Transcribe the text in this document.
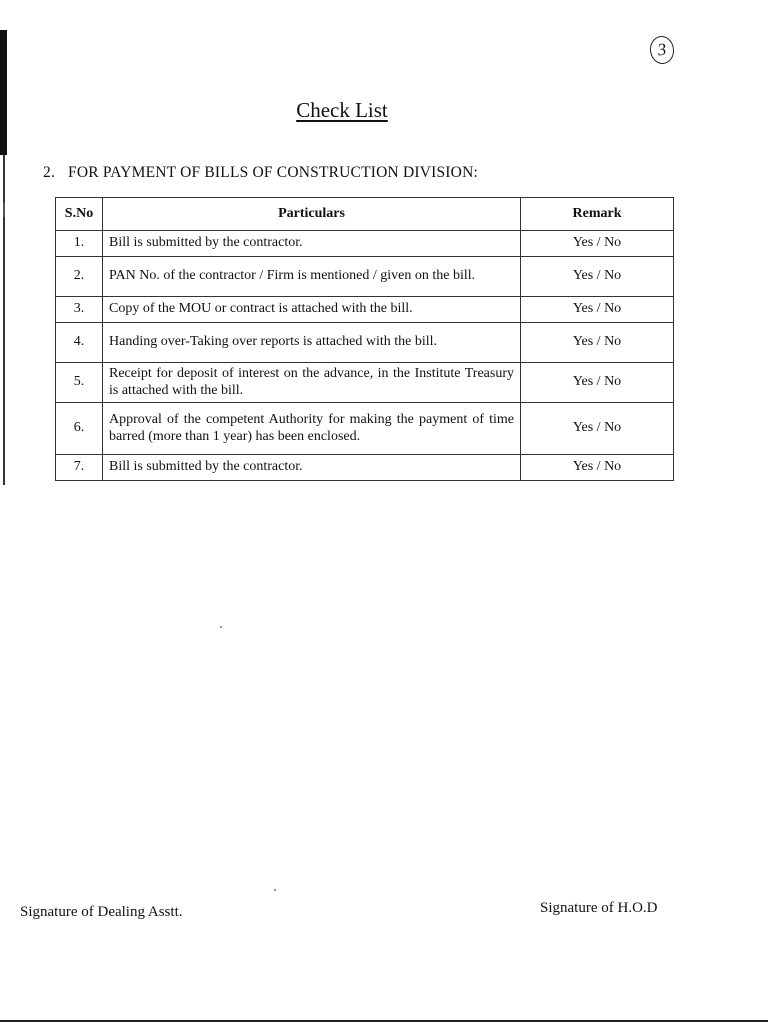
3
Check List
2. FOR PAYMENT OF BILLS OF CONSTRUCTION DIVISION:
S.No	Particulars	Remark
1.	Bill is submitted by the contractor.	Yes / No
2.	PAN No. of the contractor / Firm is mentioned / given on the bill.	Yes / No
3.	Copy of the MOU or contract is attached with the bill.	Yes / No
4.	Handing over-Taking over reports is attached with the bill.	Yes / No
5.	Receipt for deposit of interest on the advance, in the Institute Treasury is attached with the bill.	Yes / No
6.	Approval of the competent Authority for making the payment of time barred (more than 1 year) has been enclosed.	Yes / No
7.	Bill is submitted by the contractor.	Yes / No
Signature of Dealing Asstt.	Signature of H.O.D
